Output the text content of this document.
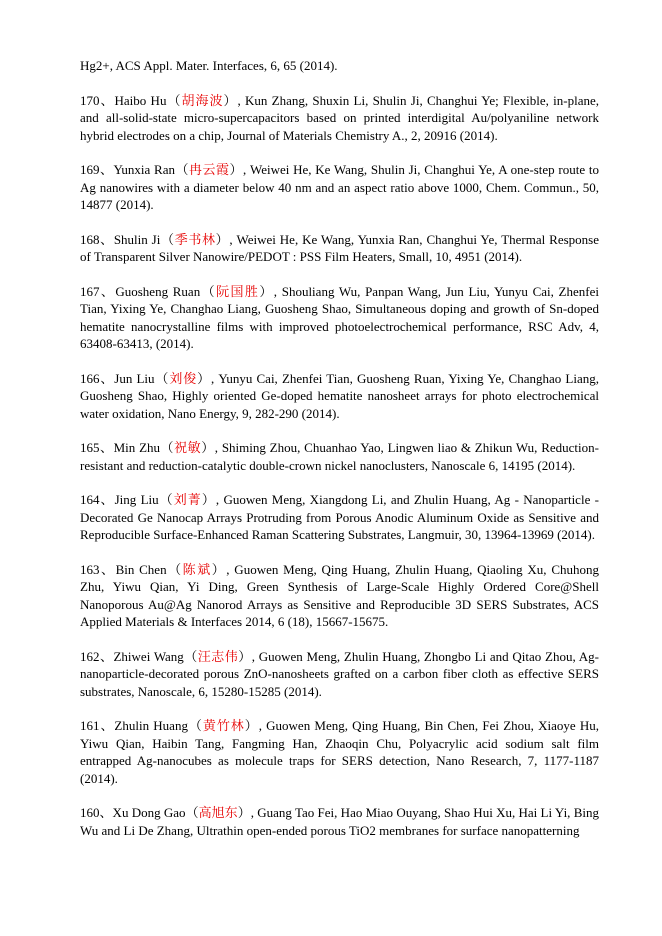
Hg2+, ACS Appl. Mater. Interfaces, 6, 65 (2014).

170、Haibo Hu（胡海波）, Kun Zhang, Shuxin Li, Shulin Ji, Changhui Ye; Flexible, in-plane, and all-solid-state micro-supercapacitors based on printed interdigital Au/polyaniline network hybrid electrodes on a chip, Journal of Materials Chemistry A., 2, 20916 (2014).

169、Yunxia Ran（冉云霞）, Weiwei He, Ke Wang, Shulin Ji, Changhui Ye, A one-step route to Ag nanowires with a diameter below 40 nm and an aspect ratio above 1000, Chem. Commun., 50, 14877 (2014).

168、Shulin Ji（季书林）, Weiwei He, Ke Wang, Yunxia Ran, Changhui Ye, Thermal Response of Transparent Silver Nanowire/PEDOT : PSS Film Heaters, Small, 10, 4951 (2014).

167、Guosheng Ruan（阮国胜）, Shouliang Wu, Panpan Wang, Jun Liu, Yunyu Cai, Zhenfei Tian, Yixing Ye, Changhao Liang, Guosheng Shao, Simultaneous doping and growth of Sn-doped hematite nanocrystalline films with improved photoelectrochemical performance, RSC Adv, 4, 63408-63413, (2014).

166、Jun Liu（刘俊）, Yunyu Cai, Zhenfei Tian, Guosheng Ruan, Yixing Ye, Changhao Liang, Guosheng Shao, Highly oriented Ge-doped hematite nanosheet arrays for photo electrochemical water oxidation, Nano Energy, 9, 282-290 (2014).

165、Min Zhu（祝敏）, Shiming Zhou, Chuanhao Yao, Lingwen liao & Zhikun Wu, Reduction-resistant and reduction-catalytic double-crown nickel nanoclusters, Nanoscale 6, 14195 (2014).

164、Jing Liu（刘菁）, Guowen Meng, Xiangdong Li, and Zhulin Huang, Ag - Nanoparticle - Decorated Ge Nanocap Arrays Protruding from Porous Anodic Aluminum Oxide as Sensitive and Reproducible Surface-Enhanced Raman Scattering Substrates, Langmuir, 30, 13964-13969 (2014).

163、Bin Chen（陈斌）, Guowen Meng, Qing Huang, Zhulin Huang, Qiaoling Xu, Chuhong Zhu, Yiwu Qian, Yi Ding, Green Synthesis of Large-Scale Highly Ordered Core@Shell Nanoporous Au@Ag Nanorod Arrays as Sensitive and Reproducible 3D SERS Substrates, ACS Applied Materials & Interfaces 2014, 6 (18), 15667-15675.

162、Zhiwei Wang（汪志伟）, Guowen Meng, Zhulin Huang, Zhongbo Li and Qitao Zhou, Ag-nanoparticle-decorated porous ZnO-nanosheets grafted on a carbon fiber cloth as effective SERS substrates, Nanoscale, 6, 15280-15285 (2014).

161、Zhulin Huang（黄竹林）, Guowen Meng, Qing Huang, Bin Chen, Fei Zhou, Xiaoye Hu, Yiwu Qian, Haibin Tang, Fangming Han, Zhaoqin Chu, Polyacrylic acid sodium salt film entrapped Ag-nanocubes as molecule traps for SERS detection, Nano Research, 7, 1177-1187 (2014).

160、Xu Dong Gao（高旭东）, Guang Tao Fei, Hao Miao Ouyang, Shao Hui Xu, Hai Li Yi, Bing Wu and Li De Zhang, Ultrathin open-ended porous TiO2 membranes for surface nanopatterning
